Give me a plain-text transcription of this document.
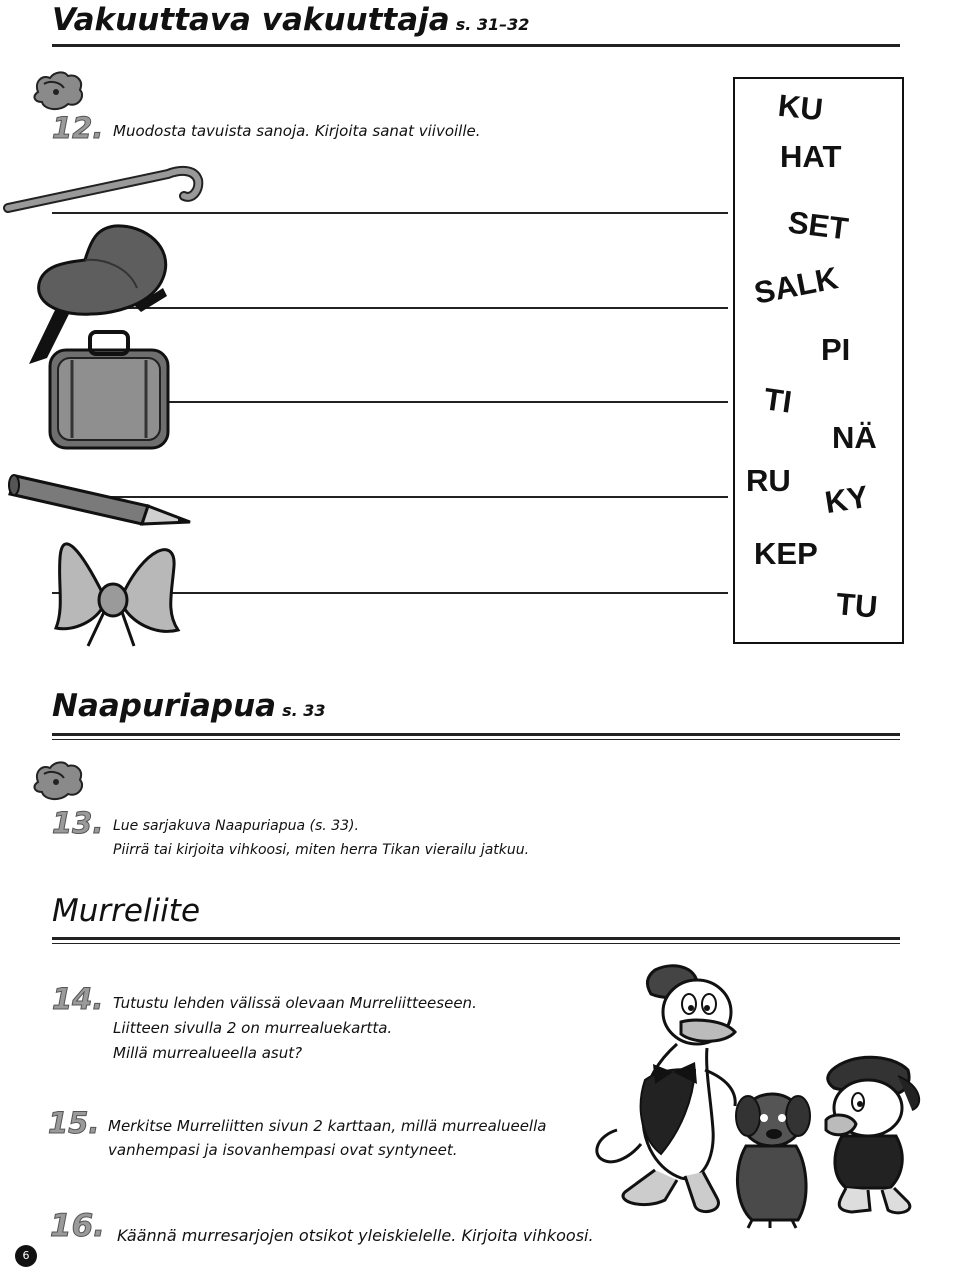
Vakuuttava vakuuttaja s. 31–32
12. Muodosta tavuista sanoja. Kirjoita sanat viivoille.
KU
HAT
SET
SALK
PI
TI
NÄ
RU KY
KEP
TU
Naapuriapua s. 33
13. Lue sarjakuva Naapuriapua (s. 33).
Piirrä tai kirjoita vihkoosi, miten herra Tikan vierailu jatkuu.
Murreliite
14. Tutustu lehden välissä olevaan Murreliitteeseen.
Liitteen sivulla 2 on murrealuekartta.
Millä murrealueella asut?
15. Merkitse Murreliitten sivun 2 karttaan, millä murrealueella
vanhempasi ja isovanhempasi ovat syntyneet.
16. Käännä murresarjojen otsikot yleiskielelle. Kirjoita vihkoosi.
6
